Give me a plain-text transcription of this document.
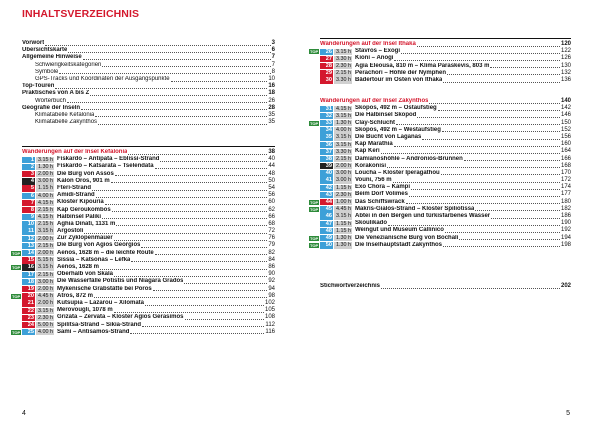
INHALTSVERZEICHNIS
Vorwort	3
Übersichtskarte	6
Allgemeine Hinweise	7
Schwierigkeitskategorien	7
Symbole	8
GPS-Tracks und Koordinaten der Ausgangspunkte	10
Top-Touren	16
Praktisches von A bis Z	18
Wörterbuch	26
Geografie der Inseln	28
Klimatabelle Kefalonia	35
Klimatabelle Zakynthos	35
Wanderungen auf der Insel Kefalonia	38
1 3.15 h Fiskardo – Antipata – Eblissi-Strand	40
2 1.30 h Fiskardo – Katsarata – Tselendata	44
3 2.00 h Die Burg von Assos	48
4 3.00 h Kalon Oros, 901 m	50
5 1.15 h Fteri-Strand	54
6 4.00 h Amidi-Strand	56
7 4.15 h Kloster Kipouria	60
8 2.15 h Kap Geroukombos	62
9 4.15 h Halbinsel Paliki	66
10 2.15 h Aghia Dinati, 1131 m	68
11 3.15 h Argostoli	72
12 2.00 h Zur Zyklopenmauer	76
13 2.15 h Die Burg von Agios Georgios	79
TOP	14 2.00 h Aenos, 1628 m – die leichte Route	82
15 5.15 h Sissia – Katsonas – Lefka	84
TOP	16 3.15 h Aenos, 1628 m	86
17 2.15 h Oberhalb von Skala	90
18 3.00 h Die Wasserfälle Potistis und Niagara Grados	92
19 2.00 h Mykenische Grabstätte bei Poros	94
TOP	20 4.45 h Atros, 872 m	98
21 2.00 h Kutsupia – Lazarou – Xilomata	102
22 3.15 h Merovougli, 1078 m	105
23 2.30 h Grizata – Zervata – Kloster Agios Gerasimos	108
24 5.00 h Spilitsa-Strand – Sikia-Strand	112
TOP	25 4.00 h Sami – Antisamos-Strand	116
4
Wanderungen auf der Insel Ithaka	120
TOP	26 3.15 h Stavros – Exogi	122
27 3.30 h Kioni – Anogi	126
28 2.30 h Agia Eleousa, 810 m – Klima Paraskevis, 803 m	130
29 2.15 h Perachori – Höhle der Nymphen	132
30 3.30 h Bädertour im Osten von Ithaka	136
Wanderungen auf der Insel Zakynthos	140
31 4.15 h Skopos, 492 m – Ostaufstieg	142
32 3.15 h Die Halbinsel Skopod	146
TOP	33 1.30 h Clay-Schlucht	150
34 4.00 h Skopos, 492 m – Westaufstieg	152
35 3.15 h Die Bucht von Laganas	156
36 3.15 h Kap Marathia	160
37 3.30 h Kap Keri	164
38 2.15 h Damianoshöhle – Andronios-Brunnen	166
39 2.00 h Korakonisi	168
40 3.00 h Loucha – Kloster Iperagathou	170
41 3.00 h Vouni, 756 m	172
42 1.15 h Exo Chora – Kampi	174
43 2.30 h Beim Dorf Volimes	177
TOP	44 1.00 h Das Schiffswrack	180
TOP	45 4.45 h Makris-Gialos-Strand – Kloster Spiliotissa	182
46 3.15 h Abtei in den Bergen und türkisfarbenes Wasser	186
47 1.15 h Skoulikado	190
48 1.15 h Weingut und Museum Callinico	192
TOP	49 1.30 h Die Venezianische Burg von Bochali	194
TOP	50 1.30 h Die Inselhauptstadt Zakynthos	198
Stichwortverzeichnis	202
5
